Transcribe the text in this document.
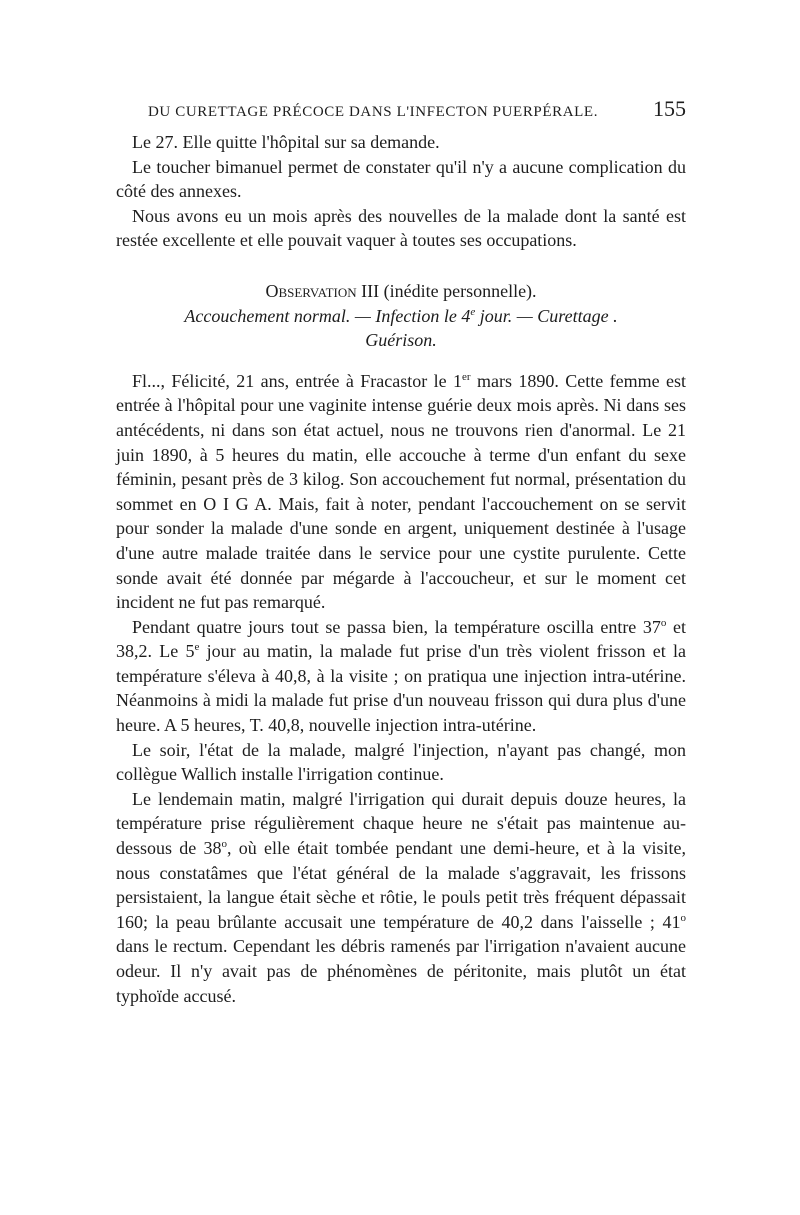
DU CURETTAGE PRÉCOCE DANS L'INFECTON PUERPÉRALE. 155

Le 27. Elle quitte l'hôpital sur sa demande.

Le toucher bimanuel permet de constater qu'il n'y a aucune complication du côté des annexes.

Nous avons eu un mois après des nouvelles de la malade dont la santé est restée excellente et elle pouvait vaquer à toutes ses occupations.

Observation III (inédite personnelle).
Accouchement normal. — Infection le 4e jour. — Curettage .
Guérison.

Fl..., Félicité, 21 ans, entrée à Fracastor le 1er mars 1890. Cette femme est entrée à l'hôpital pour une vaginite intense guérie deux mois après. Ni dans ses antécédents, ni dans son état actuel, nous ne trouvons rien d'anormal. Le 21 juin 1890, à 5 heures du matin, elle accouche à terme d'un enfant du sexe féminin, pesant près de 3 kilog. Son accouchement fut normal, présentation du sommet en O I G A. Mais, fait à noter, pendant l'accouchement on se servit pour sonder la malade d'une sonde en argent, uniquement destinée à l'usage d'une autre malade traitée dans le service pour une cystite purulente. Cette sonde avait été donnée par mégarde à l'accoucheur, et sur le moment cet incident ne fut pas remarqué.

Pendant quatre jours tout se passa bien, la température oscilla entre 37$^o$ et 38,2. Le 5e jour au matin, la malade fut prise d'un très violent frisson et la température s'éleva à 40,8, à la visite ; on pratiqua une injection intra-utérine. Néanmoins à midi la malade fut prise d'un nouveau frisson qui dura plus d'une heure. A 5 heures, T. 40,8, nouvelle injection intra-utérine.

Le soir, l'état de la malade, malgré l'injection, n'ayant pas changé, mon collègue Wallich installe l'irrigation continue.

Le lendemain matin, malgré l'irrigation qui durait depuis douze heures, la température prise régulièrement chaque heure ne s'était pas maintenue au-dessous de 38$^o$, où elle était tombée pendant une demi-heure, et à la visite, nous constatâmes que l'état général de la malade s'aggravait, les frissons persistaient, la langue était sèche et rôtie, le pouls petit très fréquent dépassait 160; la peau brûlante accusait une température de 40,2 dans l'aisselle ; 41$^o$ dans le rectum. Cependant les débris ramenés par l'irrigation n'avaient aucune odeur. Il n'y avait pas de phénomènes de péritonite, mais plutôt un état typhoïde accusé.
